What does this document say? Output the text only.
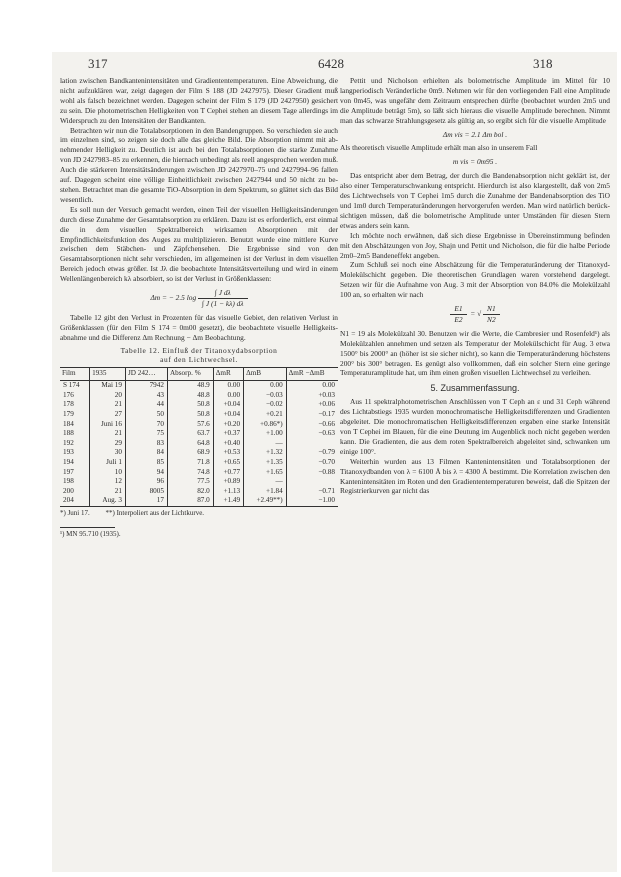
317	6428	318

lation zwischen Bandkantenintensitäten und Gradiententemperaturen. Eine Abweichung, die nicht aufzuklären war, zeigt dagegen der Film S 188 (JD 2427975). Dieser Gradient muß wohl als falsch bezeichnet werden. Dagegen scheint der Film S 179 (JD 2427950) gesichert zu sein. Die photometrischen Helligkeiten von T Cephei stehen an diesem Tage allerdings im Widerspruch zu den Intensitäten der Bandkanten.

Betrachten wir nun die Totalabsorptionen in den Bandengruppen. So verschieden sie auch im einzelnen sind, so zeigen sie doch alle das gleiche Bild. Die Absorption nimmt mit abnehmender Helligkeit zu. Deutlich ist auch bei den Totalabsorptionen die starke Zunahme von JD 2427983–85 zu erkennen, die hiernach unbedingt als reell angesprochen werden muß. Auch die stärkeren Intensitätsänderungen zwischen JD 2427970–75 und 2427994–96 fallen auf. Dagegen scheint eine völlige Einheitlichkeit zwischen 2427944 und 50 nicht zu bestehen. Betrachtet man die gesamte TiO-Absorption in dem Spektrum, so glättet sich das Bild wesentlich.

Es soll nun der Versuch gemacht werden, einen Teil der visuellen Helligkeitsänderungen durch diese Zunahme der Gesamtabsorption zu erklären. Dazu ist es erforderlich, erst einmal die in dem visuellen Spektralbereich wirksamen Absorptionen mit der Empfindlichkeitsfunktion des Auges zu multiplizieren. Benutzt wurde eine mittlere Kurve zwischen dem Stäbchen- und Zäpfchensehen. Die Ergebnisse sind von den Gesamtabsorptionen nicht sehr verschieden, im allgemeinen ist der Verlust in dem visuellen Bereich jedoch etwas größer. Ist Jλ die beobachtete Intensitätsverteilung und wird in einem Wellenlängenbereich kλ absorbiert, so ist der Verlust in Größenklassen:

Δm = − 2.5 $\log \frac{\text{∫ J dλ}}{\int J (1 - k\lambda) d\lambda}$

Tabelle 12 gibt den Verlust in Prozenten für das visuelle Gebiet, den relativen Verlust in Größenklassen (für den Film S 174 = 0m00 gesetzt), die beobachtete visuelle Helligkeitsabnahme und die Differenz Δm Rechnung − Δm Beobachtung.

Tabelle 12. Einfluß der Titanoxydabsorption
auf den Lichtwechsel.
Film	1935	JD 242…	Absorp. %	ΔmR	ΔmB	ΔmR −ΔmB
S 174	Mai 19	7942	48.9	0.00	0.00	0.00
176	20	43	48.8	0.00	−0.03	+0.03
178	21	44	50.8	+0.04	−0.02	+0.06
179	27	50	50.8	+0.04	+0.21	−0.17
184	Juni 16	70	57.6	+0.20	+0.86*)	−0.66
188	21	75	63.7	+0.37	+1.00	−0.63
192	29	83	64.8	+0.40	—	
193	30	84	68.9	+0.53	+1.32	−0.79
194	Juli 1	85	71.8	+0.65	+1.35	−0.70
197	10	94	74.8	+0.77	+1.65	−0.88
198	12	96	77.5	+0.89	—	
200	21	8005	82.0	+1.13	+1.84	−0.71
204	Aug. 3	17	87.0	+1.49	+2.49**)	−1.00
*) Juni 17. **) Interpoliert aus der Lichtkurve.
¹) MN 95.710 (1935).

Pettit und Nicholson erhielten als bolometrische Amplitude im Mittel für 10 langperiodisch Veränderliche 0m9. Nehmen wir für den vorliegenden Fall eine Amplitude von 0m45, was ungefähr dem Zeitraum entsprechen dürfte (beobachtet wurden 2m5 und die Amplitude beträgt 5m), so läßt sich hieraus die visuelle Amplitude berechnen. Nimmt man das schwarze Strahlungsgesetz als gültig an, so ergibt sich für die visuelle Amplitude

Δm vis = 2.1 Δm bol .

Als theoretisch visuelle Amplitude erhält man also in unserem Fall

m vis = 0m95 .

Das entspricht aber dem Betrag, der durch die Bandenabsorption nicht geklärt ist, der also einer Temperaturschwankung entspricht. Hierdurch ist also klargestellt, daß von 2m5 des Lichtwechsels von T Cephei 1m5 durch die Zunahme der Bandenabsorption des TiO und 1m0 durch Temperaturänderungen hervorgerufen werden. Man wird natürlich berücksichtigen müssen, daß die bolometrische Amplitude unter Umständen für diesen Stern etwas anders sein kann.

Ich möchte noch erwähnen, daß sich diese Ergebnisse in Übereinstimmung befinden mit den Abschätzungen von Joy, Shajn und Pettit und Nicholson, die für die halbe Periode 2m0–2m5 Bandeneffekt angeben.

Zum Schluß sei noch eine Abschätzung für die Temperaturänderung der Titanoxyd-Molekülschicht gegeben. Die theoretischen Grundlagen waren vorstehend dargelegt. Setzen wir für die Aufnahme von Aug. 3 mit der Absorption von 84.0% die Molekülzahl 100 an, so erhalten wir nach

$\frac{E1}{E2}$ = √ $\frac{N1}{N2}$

N1 = 19 als Molekülzahl 30. Benutzen wir die Werte, die Cambresier und Rosenfeld¹) als Molekülzahlen annehmen und setzen als Temperatur der Molekülschicht für Aug. 3 etwa 1500° bis 2000° an (höher ist sie sicher nicht), so kann die Temperaturänderung höchstens 200° bis 300° betragen. Es genügt also vollkommen, daß ein solcher Stern eine geringe Temperaturamplitude hat, um ihm einen großen visuellen Lichtwechsel zu verleihen.

5. Zusammenfassung.

Aus 11 spektralphotometrischen Anschlüssen von T Ceph an ε und 31 Ceph während des Lichtabstiegs 1935 wurden monochromatische Helligkeitsdifferenzen und Gradienten abgeleitet. Die monochromatischen Helligkeitsdifferenzen ergaben eine starke Intensität von T Cephei im Blauen, für die eine Deutung im Augenblick noch nicht gegeben werden kann. Die Gradienten, die aus dem roten Spektralbereich abgeleitet sind, schwanken um einige 100°.

Weiterhin wurden aus 13 Filmen Kantenintensitäten und Totalabsorptionen der Titanoxydbanden von λ = 6100 Å bis λ = 4300 Å bestimmt. Die Korrelation zwischen den Kantenintensitäten im Roten und den Gradiententemperaturen beweist, daß die Spitzen der Registrierkurven gar nicht das
